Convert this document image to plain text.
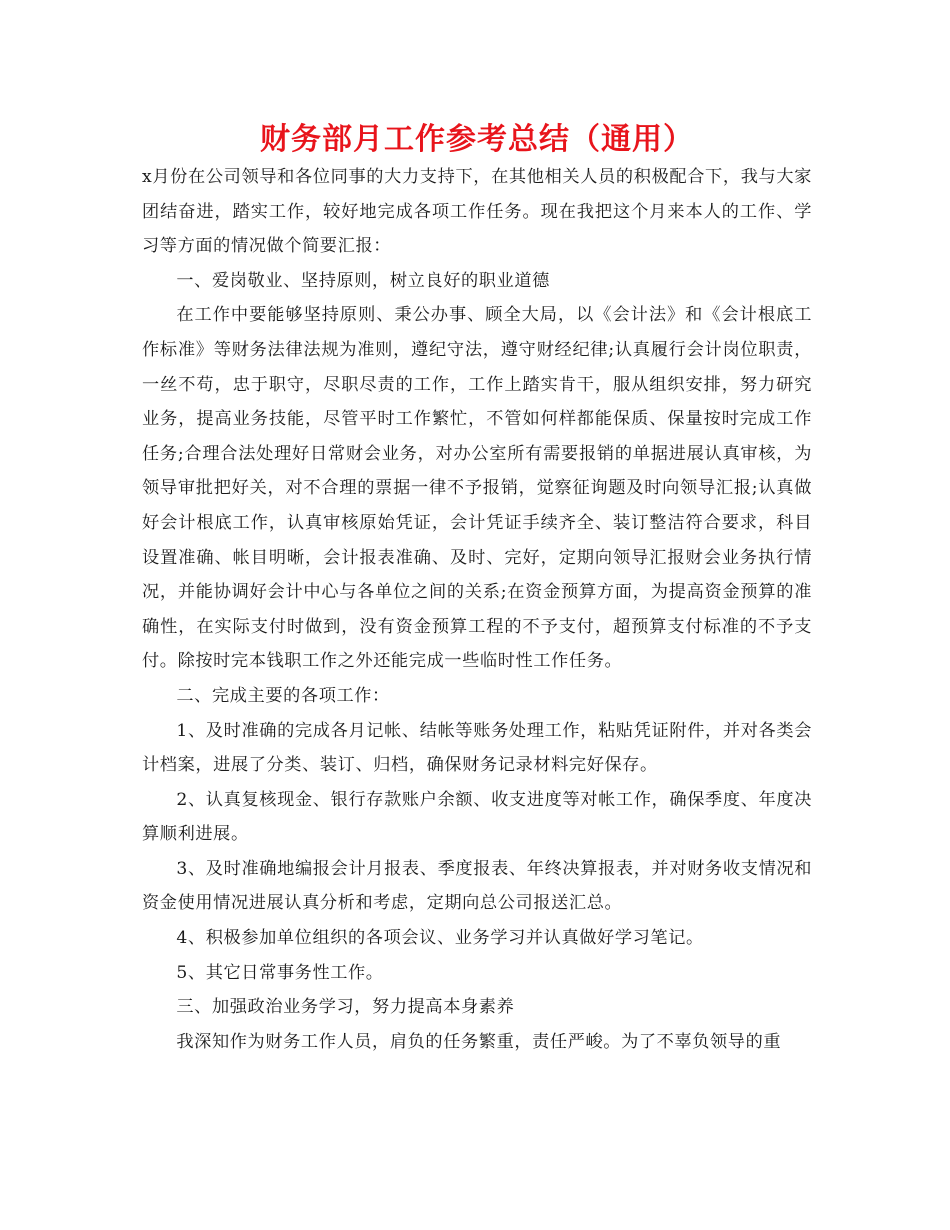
财务部月工作参考总结（通用）

x月份在公司领导和各位同事的大力支持下，在其他相关人员的积极配合下，我与大家团结奋进，踏实工作，较好地完成各项工作任务。现在我把这个月来本人的工作、学习等方面的情况做个简要汇报：

一、爱岗敬业、坚持原则，树立良好的职业道德

在工作中要能够坚持原则、秉公办事、顾全大局，以《会计法》和《会计根底工作标准》等财务法律法规为准则，遵纪守法，遵守财经纪律;认真履行会计岗位职责，一丝不苟，忠于职守，尽职尽责的工作，工作上踏实肯干，服从组织安排，努力研究业务，提高业务技能，尽管平时工作繁忙，不管如何样都能保质、保量按时完成工作任务;合理合法处理好日常财会业务，对办公室所有需要报销的单据进展认真审核，为领导审批把好关，对不合理的票据一律不予报销，觉察征询题及时向领导汇报;认真做好会计根底工作，认真审核原始凭证，会计凭证手续齐全、装订整洁符合要求，科目设置准确、帐目明晰，会计报表准确、及时、完好，定期向领导汇报财会业务执行情况，并能协调好会计中心与各单位之间的关系;在资金预算方面，为提高资金预算的准确性，在实际支付时做到，没有资金预算工程的不予支付，超预算支付标准的不予支付。除按时完本钱职工作之外还能完成一些临时性工作任务。

二、完成主要的各项工作：

1、及时准确的完成各月记帐、结帐等账务处理工作，粘贴凭证附件，并对各类会计档案，进展了分类、装订、归档，确保财务记录材料完好保存。

2、认真复核现金、银行存款账户余额、收支进度等对帐工作，确保季度、年度决算顺利进展。

3、及时准确地编报会计月报表、季度报表、年终决算报表，并对财务收支情况和资金使用情况进展认真分析和考虑，定期向总公司报送汇总。

4、积极参加单位组织的各项会议、业务学习并认真做好学习笔记。

5、其它日常事务性工作。

三、加强政治业务学习，努力提高本身素养

我深知作为财务工作人员，肩负的任务繁重，责任严峻。为了不辜负领导的重
